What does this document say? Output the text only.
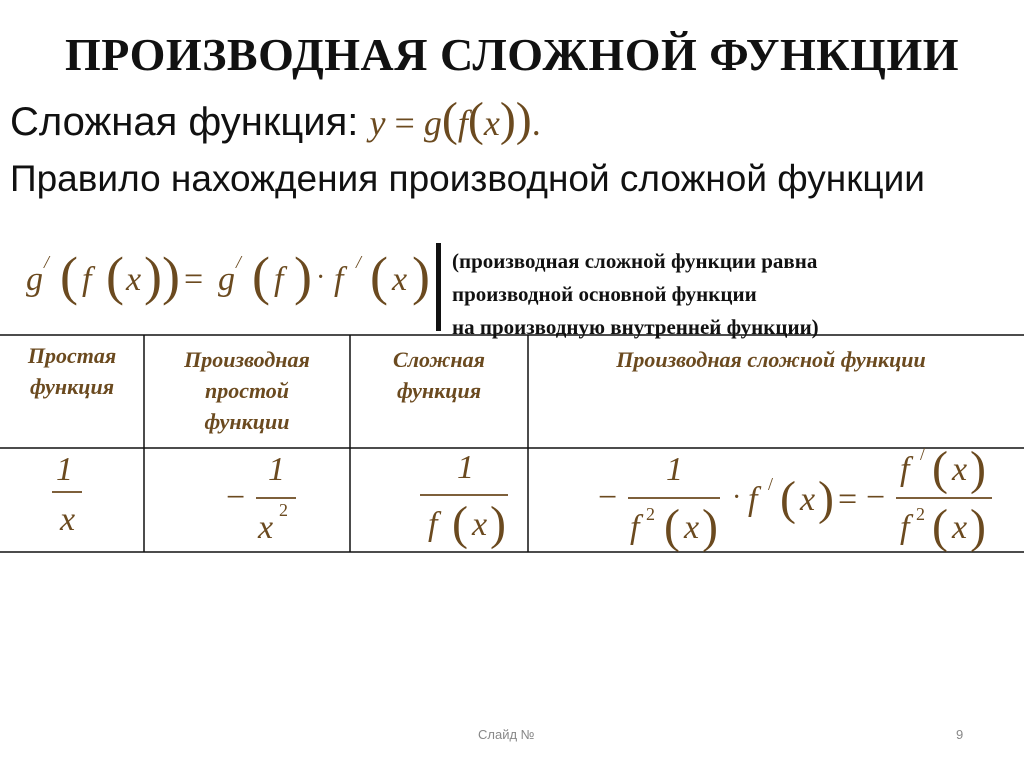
ПРОИЗВОДНАЯ СЛОЖНОЙ ФУНКЦИИ
Сложная функция: y = g(f(x)).
Правило нахождения производной сложной функции
g / ( f ( x )) = g / ( f ) · f / ( x ) (производная сложной функции равна
производной основной функции
на производную внутренней функции)
1
x
−
1
x 2
1
f ( x )	−
1
f 2 ( x )
· f / ( x ) = −
f / ( x )
f 2 ( x )
Простая
функция
Производная
простой
функции
Сложная
функция
Производная сложной функции
Слайд №	9
